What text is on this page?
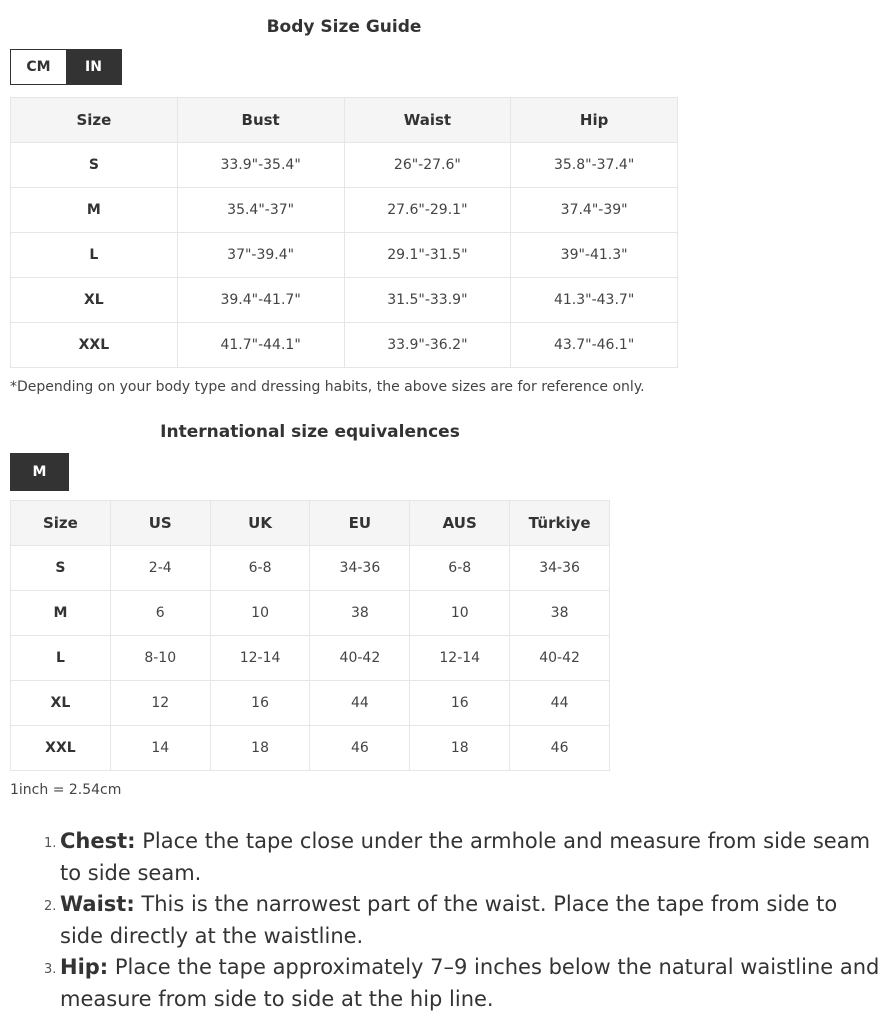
Body Size Guide
CM	IN
Size	Bust	Waist	Hip
S	33.9"-35.4"	26"-27.6"	35.8"-37.4"
M	35.4"-37"	27.6"-29.1"	37.4"-39"
L	37"-39.4"	29.1"-31.5"	39"-41.3"
XL	39.4"-41.7"	31.5"-33.9"	41.3"-43.7"
XXL	41.7"-44.1"	33.9"-36.2"	43.7"-46.1"
*Depending on your body type and dressing habits, the above sizes are for reference only.
International size equivalences
M
Size	US	UK	EU	AUS	Türkiye
S	2-4	6-8	34-36	6-8	34-36
M	6	10	38	10	38
L	8-10	12-14	40-42	12-14	40-42
XL	12	16	44	16	44
XXL	14	18	46	18	46
1inch = 2.54cm
1. Chest: Place the tape close under the armhole and measure from side seam to side seam.
2. Waist: This is the narrowest part of the waist. Place the tape from side to side directly at the waistline.
3. Hip: Place the tape approximately 7–9 inches below the natural waistline and measure from side to side at the hip line.
